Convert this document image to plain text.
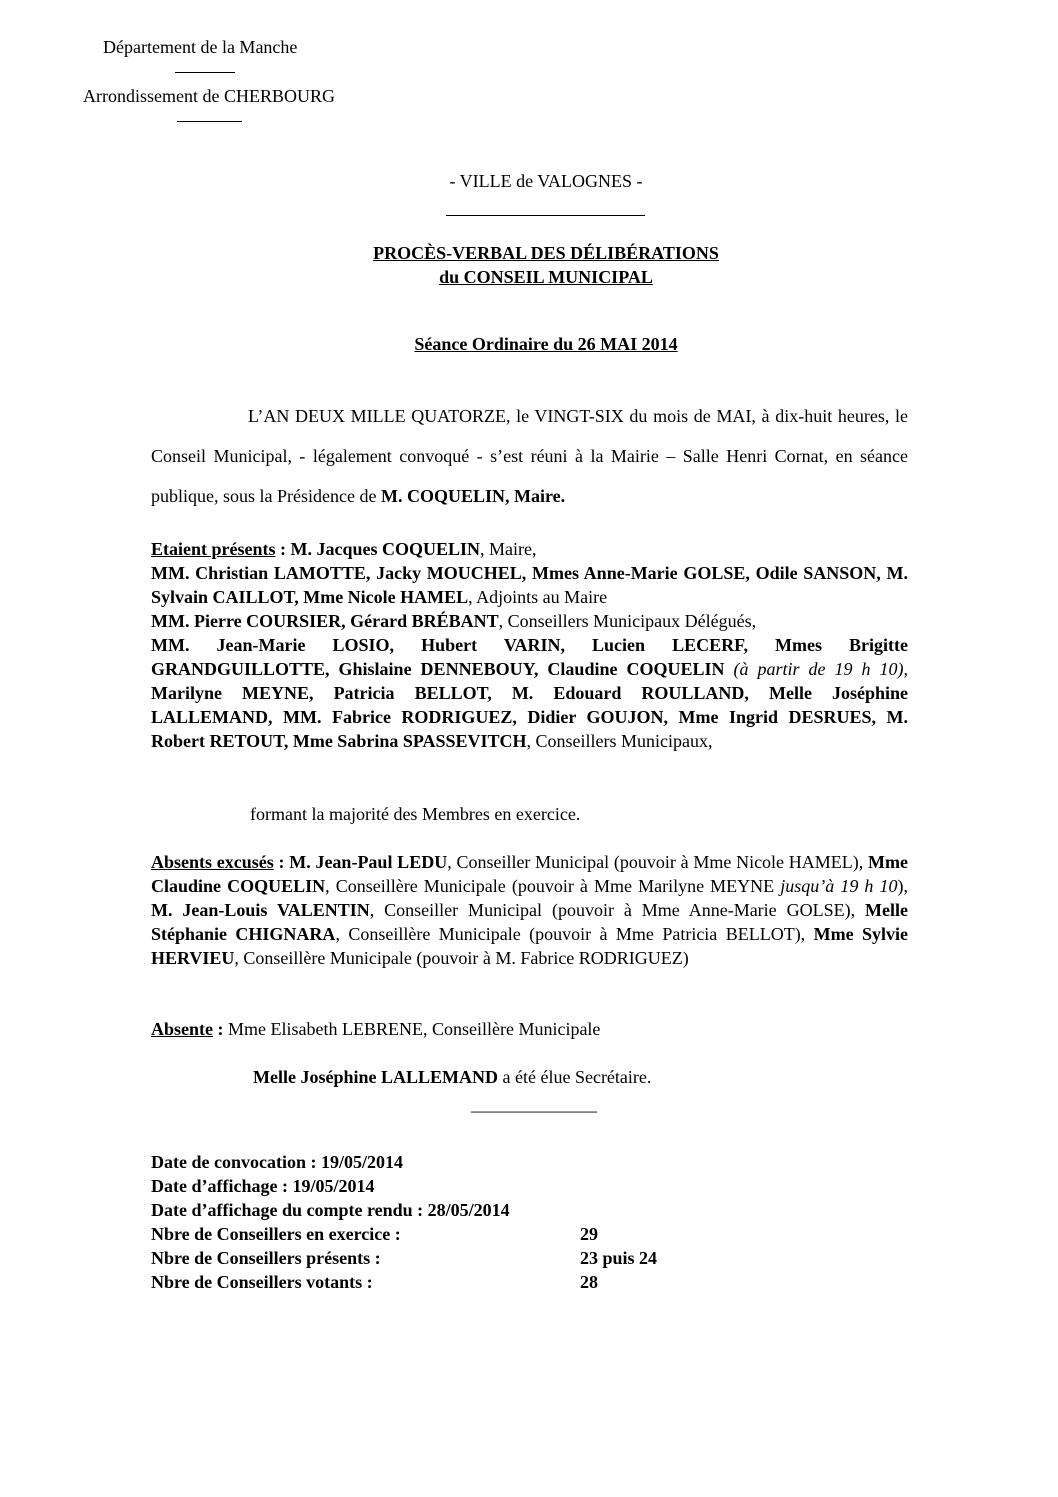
Département de la Manche
Arrondissement de CHERBOURG
- VILLE de VALOGNES -
PROCÈS-VERBAL DES DÉLIBÉRATIONS
du CONSEIL MUNICIPAL
Séance Ordinaire du 26 MAI 2014
L’AN DEUX MILLE QUATORZE, le VINGT-SIX du mois de MAI, à dix-huit heures, le Conseil Municipal, - légalement convoqué - s’est réuni à la Mairie – Salle Henri Cornat, en séance publique, sous la Présidence de M. COQUELIN, Maire.
Etaient présents : M. Jacques COQUELIN, Maire,
MM. Christian LAMOTTE, Jacky MOUCHEL, Mmes Anne-Marie GOLSE, Odile SANSON, M. Sylvain CAILLOT, Mme Nicole HAMEL, Adjoints au Maire
MM. Pierre COURSIER, Gérard BRÉBANT, Conseillers Municipaux Délégués,
MM. Jean-Marie LOSIO, Hubert VARIN, Lucien LECERF, Mmes Brigitte GRANDGUILLOTTE, Ghislaine DENNEBOUY, Claudine COQUELIN (à partir de 19 h 10), Marilyne MEYNE, Patricia BELLOT, M. Edouard ROULLAND, Melle Joséphine LALLEMAND, MM. Fabrice RODRIGUEZ, Didier GOUJON, Mme Ingrid DESRUES, M. Robert RETOUT, Mme Sabrina SPASSEVITCH, Conseillers Municipaux,
formant la majorité des Membres en exercice.
Absents excusés : M. Jean-Paul LEDU, Conseiller Municipal (pouvoir à Mme Nicole HAMEL), Mme Claudine COQUELIN, Conseillère Municipale (pouvoir à Mme Marilyne MEYNE jusqu’à 19 h 10), M. Jean-Louis VALENTIN, Conseiller Municipal (pouvoir à Mme Anne-Marie GOLSE), Melle Stéphanie CHIGNARA, Conseillère Municipale (pouvoir à Mme Patricia BELLOT), Mme Sylvie HERVIEU, Conseillère Municipale (pouvoir à M. Fabrice RODRIGUEZ)
Absente : Mme Elisabeth LEBRENE, Conseillère Municipale
Melle Joséphine LALLEMAND a été élue Secrétaire.
______________
Date de convocation : 19/05/2014
Date d’affichage : 19/05/2014
Date d’affichage du compte rendu : 28/05/2014
Nbre de Conseillers en exercice :	29
Nbre de Conseillers présents :	23 puis 24
Nbre de Conseillers votants :	28
